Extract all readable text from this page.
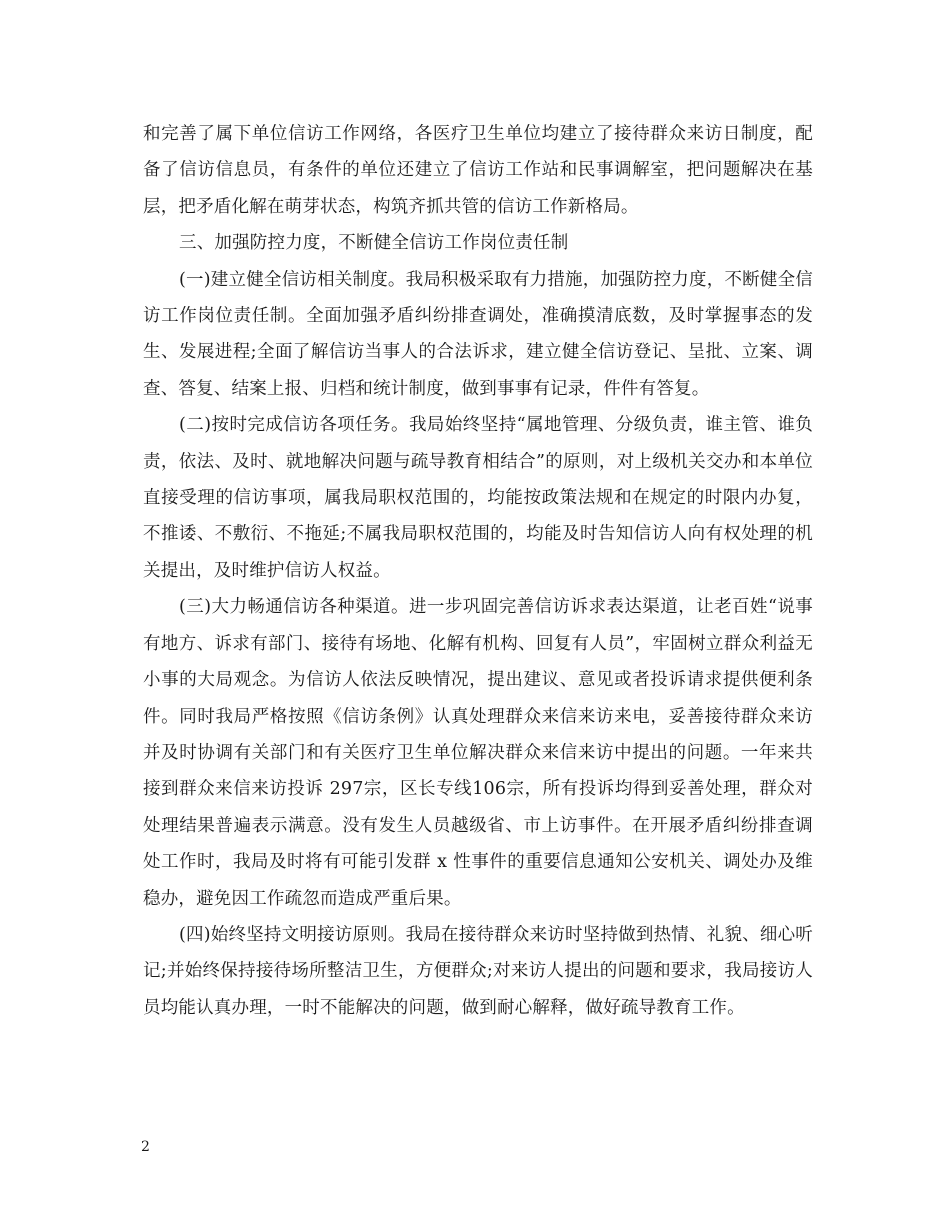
和完善了属下单位信访工作网络，各医疗卫生单位均建立了接待群众来访日制度，配备了信访信息员，有条件的单位还建立了信访工作站和民事调解室，把问题解决在基层，把矛盾化解在萌芽状态，构筑齐抓共管的信访工作新格局。

三、加强防控力度，不断健全信访工作岗位责任制

(一)建立健全信访相关制度。我局积极采取有力措施，加强防控力度，不断健全信访工作岗位责任制。全面加强矛盾纠纷排查调处，准确摸清底数，及时掌握事态的发生、发展进程;全面了解信访当事人的合法诉求，建立健全信访登记、呈批、立案、调查、答复、结案上报、归档和统计制度，做到事事有记录，件件有答复。

(二)按时完成信访各项任务。我局始终坚持“属地管理、分级负责，谁主管、谁负责，依法、及时、就地解决问题与疏导教育相结合”的原则，对上级机关交办和本单位直接受理的信访事项，属我局职权范围的，均能按政策法规和在规定的时限内办复，不推诿、不敷衍、不拖延;不属我局职权范围的，均能及时告知信访人向有权处理的机关提出，及时维护信访人权益。

(三)大力畅通信访各种渠道。进一步巩固完善信访诉求表达渠道，让老百姓“说事有地方、诉求有部门、接待有场地、化解有机构、回复有人员”，牢固树立群众利益无小事的大局观念。为信访人依法反映情况，提出建议、意见或者投诉请求提供便利条件。同时我局严格按照《信访条例》认真处理群众来信来访来电，妥善接待群众来访并及时协调有关部门和有关医疗卫生单位解决群众来信来访中提出的问题。一年来共接到群众来信来访投诉 297宗，区长专线106宗，所有投诉均得到妥善处理，群众对处理结果普遍表示满意。没有发生人员越级省、市上访事件。在开展矛盾纠纷排查调处工作时，我局及时将有可能引发群 x 性事件的重要信息通知公安机关、调处办及维稳办，避免因工作疏忽而造成严重后果。

(四)始终坚持文明接访原则。我局在接待群众来访时坚持做到热情、礼貌、细心听记;并始终保持接待场所整洁卫生，方便群众;对来访人提出的问题和要求，我局接访人员均能认真办理，一时不能解决的问题，做到耐心解释，做好疏导教育工作。

2
